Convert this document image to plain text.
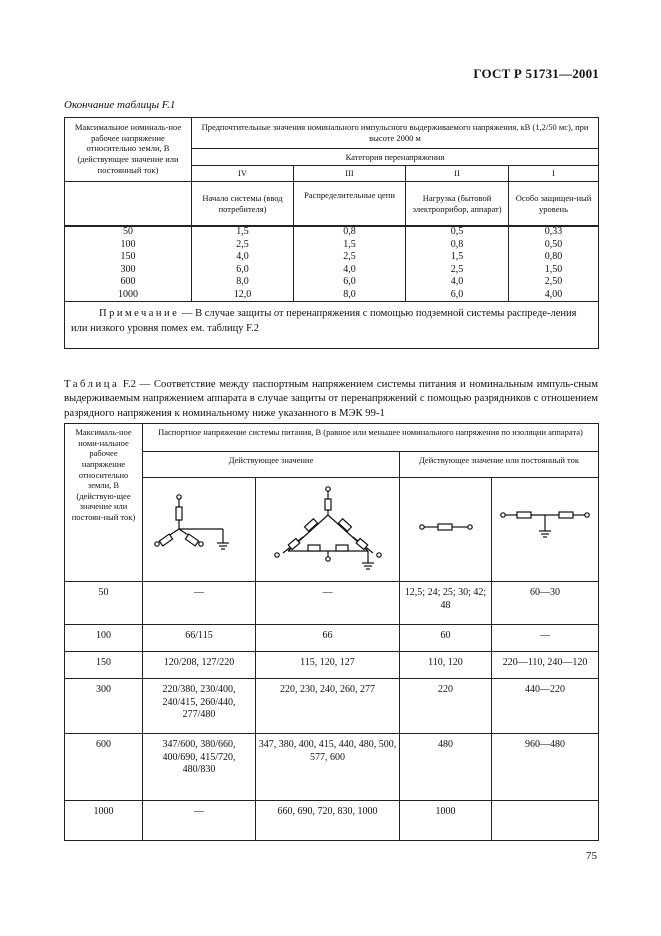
ГОСТ Р 51731—2001
Окончание таблицы F.1
Максимальное номиналь-ное рабочее напряжение относительно земли, В (действующее значение или постоянный ток)	Предпочтительные значения номинального импульсного выдерживаемого напряжения, кВ (1,2/50 мс), при высоте 2000 м			
	Категория перенапряжения			
	IV	III	II	I
	Начало системы (ввод потребителя)	Распределительные цепи	Нагрузка (бытовой электроприбор, аппарат)	Особо защищен-ный уровень
50	1,5	0,8	0,5	0,33
100	2,5	1,5	0,8	0,50
150	4,0	2,5	1,5	0,80
300	6,0	4,0	2,5	1,50
600	8,0	6,0	4,0	2,50
1000	12,0	8,0	6,0	4,00
Примечание — В случае защиты от перенапряжения с помощью подземной системы распреде-ления или низкого уровня помех ем. таблицу F.2				
Таблица F.2 — Соответствие между паспортным напряжением системы питания и номинальным импуль-сным выдерживаемым напряжением аппарата в случае защиты от перенапряжений с помощью разрядников с отношением разрядного напряжения к номинальному ниже указанного в МЭК 99-1
Максималь-ное номи-нальное рабочее напряжение относительно земли, В (действую-щее значение или постоян-ный ток)	Паспортное напряжение системы питания, В (равное или меньшее номинального напряжения по изоляции аппарата)			
	Действующее значение		Действующее значение или постоянный ток	

50	—	—	12,5; 24; 25; 30; 42; 48	60—30
100	66/115	66	60	—
150	120/208, 127/220	115, 120, 127	110, 120	220—110, 240—120
300	220/380, 230/400, 240/415, 260/440, 277/480	220, 230, 240, 260, 277	220	440—220
600	347/600, 380/660, 400/690, 415/720, 480/830	347, 380, 400, 415, 440, 480, 500, 577, 600	480	960—480
1000	—	660, 690, 720, 830, 1000	1000	
75
